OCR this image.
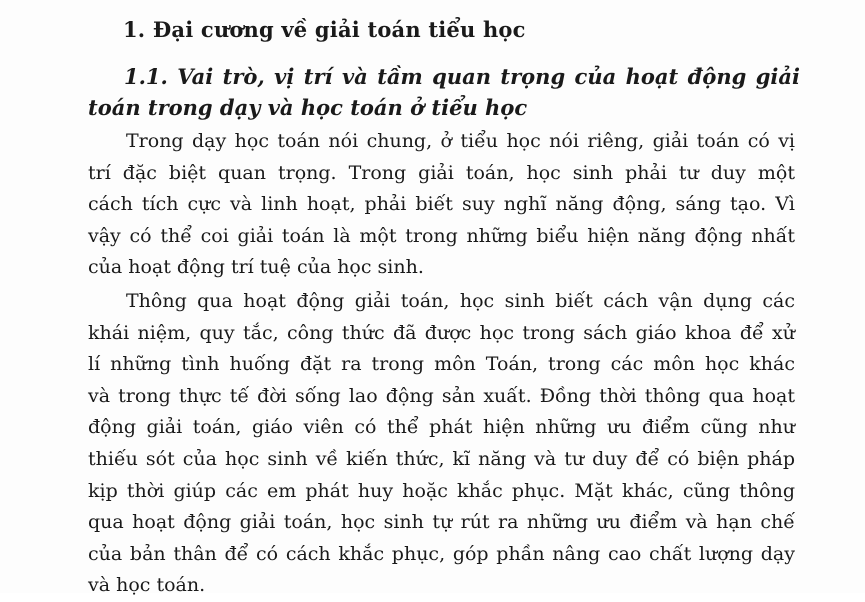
1. Đại cương về giải toán tiểu học
1.1. Vai trò, vị trí và tầm quan trọng của hoạt động giải
toán trong dạy và học toán ở tiểu học
Trong dạy học toán nói chung, ở tiểu học nói riêng, giải toán có vị
trí đặc biệt quan trọng. Trong giải toán, học sinh phải tư duy một
cách tích cực và linh hoạt, phải biết suy nghĩ năng động, sáng tạo. Vì
vậy có thể coi giải toán là một trong những biểu hiện năng động nhất
của hoạt động trí tuệ của học sinh.
Thông qua hoạt động giải toán, học sinh biết cách vận dụng các
khái niệm, quy tắc, công thức đã được học trong sách giáo khoa để xử
lí những tình huống đặt ra trong môn Toán, trong các môn học khác
và trong thực tế đời sống lao động sản xuất. Đồng thời thông qua hoạt
động giải toán, giáo viên có thể phát hiện những ưu điểm cũng như
thiếu sót của học sinh về kiến thức, kĩ năng và tư duy để có biện pháp
kịp thời giúp các em phát huy hoặc khắc phục. Mặt khác, cũng thông
qua hoạt động giải toán, học sinh tự rút ra những ưu điểm và hạn chế
của bản thân để có cách khắc phục, góp phần nâng cao chất lượng dạy
và học toán.
